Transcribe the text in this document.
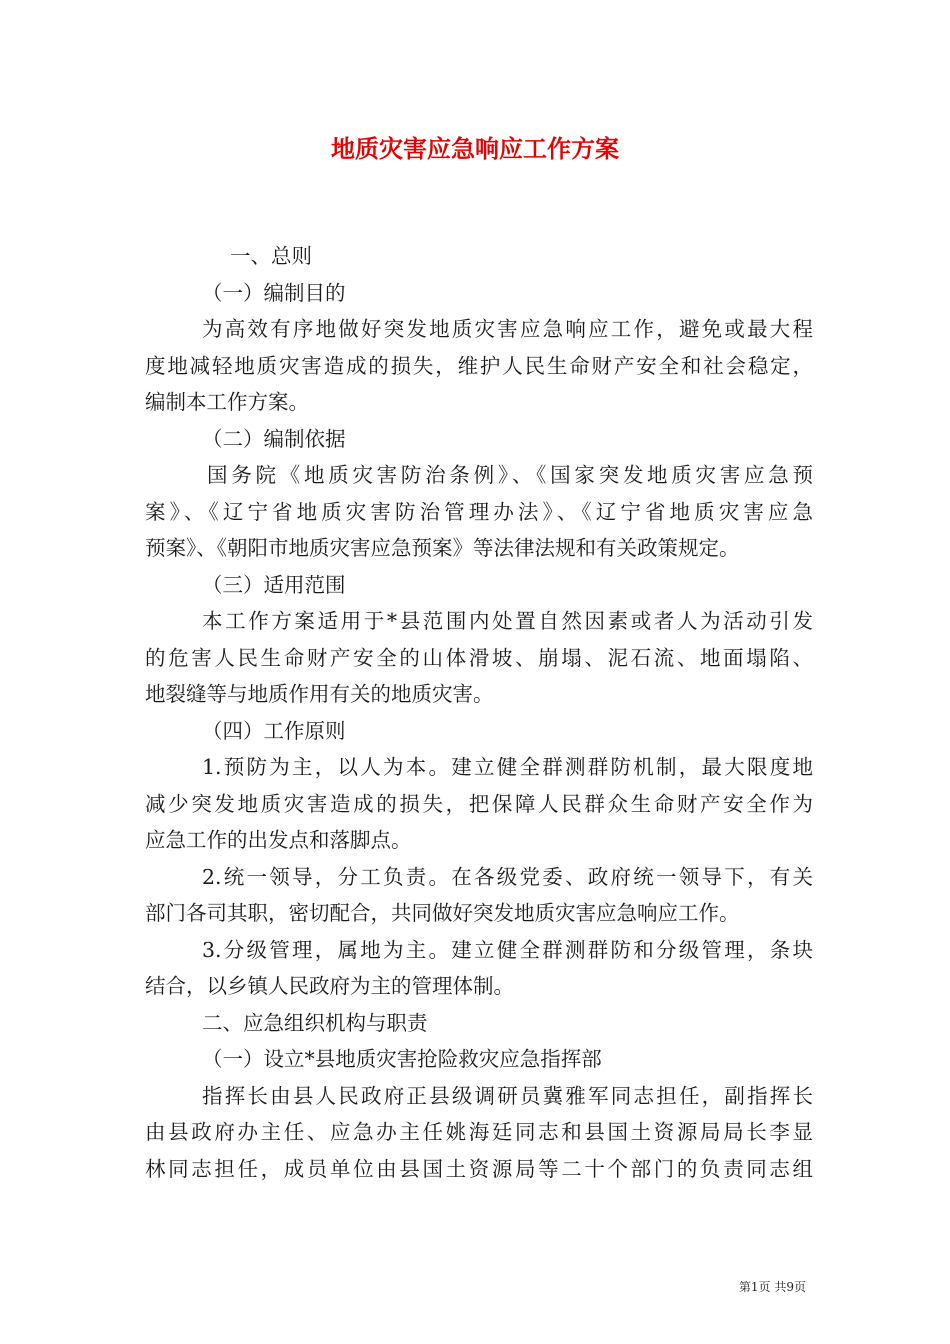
地质灾害应急响应工作方案
一、总则
（一）编制目的
为高效有序地做好突发地质灾害应急响应工作，避免或最大程
度地减轻地质灾害造成的损失，维护人民生命财产安全和社会稳定，
编制本工作方案。
（二）编制依据
国务院《地质灾害防治条例》、《国家突发地质灾害应急预
案》、《辽宁省地质灾害防治管理办法》、《辽宁省地质灾害应急
预案》、《朝阳市地质灾害应急预案》等法律法规和有关政策规定。
（三）适用范围
本工作方案适用于*县范围内处置自然因素或者人为活动引发
的危害人民生命财产安全的山体滑坡、崩塌、泥石流、地面塌陷、
地裂缝等与地质作用有关的地质灾害。
（四）工作原则
1.预防为主，以人为本。建立健全群测群防机制，最大限度地
减少突发地质灾害造成的损失，把保障人民群众生命财产安全作为
应急工作的出发点和落脚点。
2.统一领导，分工负责。在各级党委、政府统一领导下，有关
部门各司其职，密切配合，共同做好突发地质灾害应急响应工作。
3.分级管理，属地为主。建立健全群测群防和分级管理，条块
结合，以乡镇人民政府为主的管理体制。
二、应急组织机构与职责
（一）设立*县地质灾害抢险救灾应急指挥部
指挥长由县人民政府正县级调研员冀雅军同志担任，副指挥长
由县政府办主任、应急办主任姚海廷同志和县国土资源局局长李显
林同志担任，成员单位由县国土资源局等二十个部门的负责同志组
第1页 共9页
